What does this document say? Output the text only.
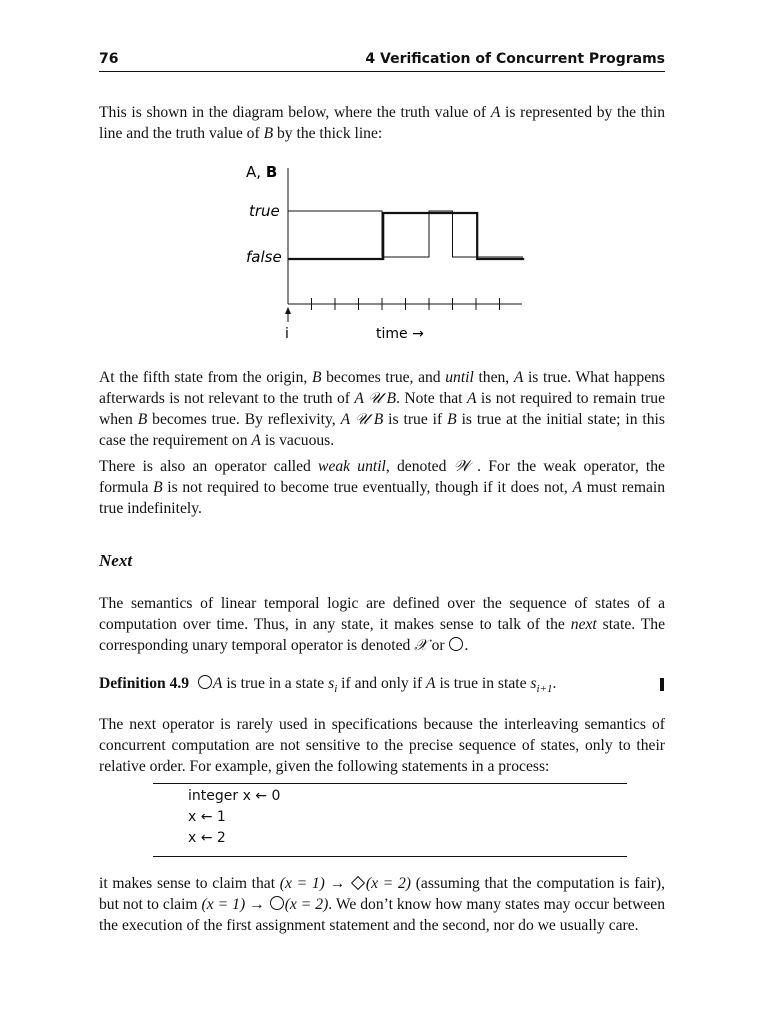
76	4 Verification of Concurrent Programs

This is shown in the diagram below, where the truth value of A is represented by the thin line and the truth value of B by the thick line:

A, B
true
false
i	time →

At the fifth state from the origin, B becomes true, and until then, A is true. What happens afterwards is not relevant to the truth of A 𝒰 B. Note that A is not required to remain true when B becomes true. By reflexivity, A 𝒰 B is true if B is true at the initial state; in this case the requirement on A is vacuous.

There is also an operator called weak until, denoted 𝒲 . For the weak operator, the formula B is not required to become true eventually, though if it does not, A must remain true indefinitely.

Next

The semantics of linear temporal logic are defined over the sequence of states of a computation over time. Thus, in any state, it makes sense to talk of the next state. The corresponding unary temporal operator is denoted 𝒳 or .

Definition 4.9 A is true in a state $s_i$ if and only if A is true in state $s_{i+1}$.

The next operator is rarely used in specifications because the interleaving semantics of concurrent computation are not sensitive to the precise sequence of states, only to their relative order. For example, given the following statements in a process:

integer x ← 0
x ← 1
x ← 2

it makes sense to claim that (x = 1) → (x = 2) (assuming that the computation is fair), but not to claim (x = 1) → (x = 2). We don’t know how many states may occur between the execution of the first assignment statement and the second, nor do we usually care.
